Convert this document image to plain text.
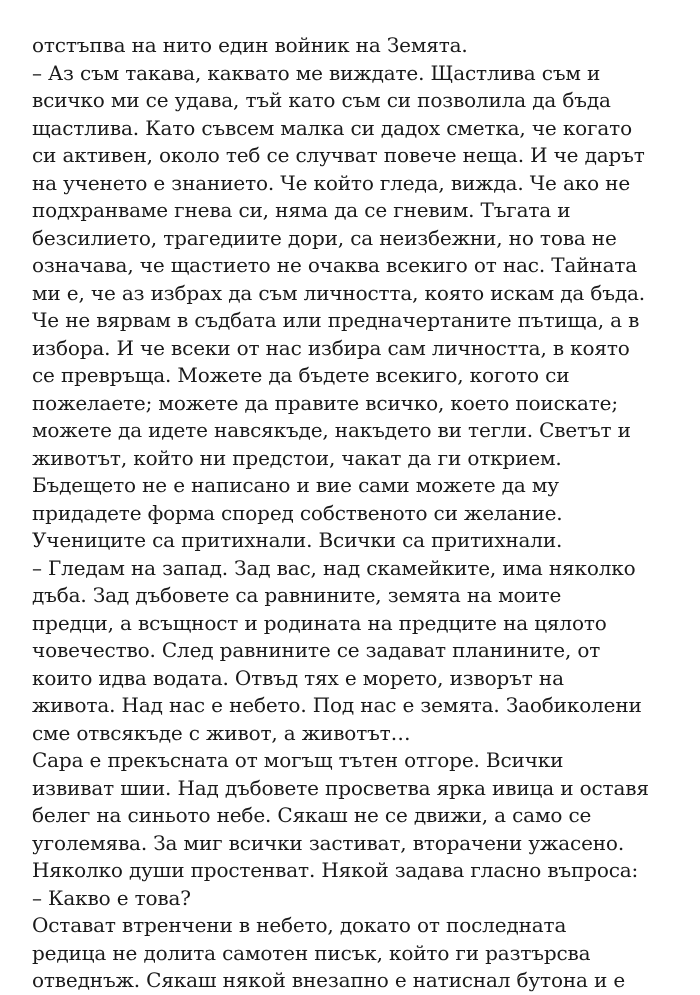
отстъпва на нито един войник на Земята.
– Аз съм такава, каквато ме виждате. Щастлива съм и
всичко ми се удава, тъй като съм си позволила да бъда
щастлива. Като съвсем малка си дадох сметка, че когато
си активен, около теб се случват повече неща. И че дарът
на ученето е знанието. Че който гледа, вижда. Че ако не
подхранваме гнева си, няма да се гневим. Тъгата и
безсилието, трагедиите дори, са неизбежни, но това не
означава, че щастието не очаква всекиго от нас. Тайната
ми е, че аз избрах да съм личността, която искам да бъда.
Че не вярвам в съдбата или предначертаните пътища, а в
избора. И че всеки от нас избира сам личността, в която
се превръща. Можете да бъдете всекиго, когото си
пожелаете; можете да правите всичко, което поискате;
можете да идете навсякъде, накъдето ви тегли. Светът и
животът, който ни предстои, чакат да ги открием.
Бъдещето не е написано и вие сами можете да му
придадете форма според собственото си желание.
Учениците са притихнали. Всички са притихнали.
– Гледам на запад. Зад вас, над скамейките, има няколко
дъба. Зад дъбовете са равнините, земята на моите
предци, а всъщност и родината на предците на цялото
човечество. След равнините се задават планините, от
които идва водата. Отвъд тях е морето, изворът на
живота. Над нас е небето. Под нас е земята. Заобиколени
сме отвсякъде с живот, а животът…
Сара е прекъсната от могъщ тътен отгоре. Всички
извиват шии. Над дъбовете просветва ярка ивица и оставя
белег на синьото небе. Сякаш не се движи, а само се
уголемява. За миг всички застиват, вторачени ужасено.
Няколко души простенват. Някой задава гласно въпроса:
– Какво е това?
Остават втренчени в небето, докато от последната
редица не долита самотен писък, който ги разтърсва
отведнъж. Сякаш някой внезапно е натиснал бутона и е
